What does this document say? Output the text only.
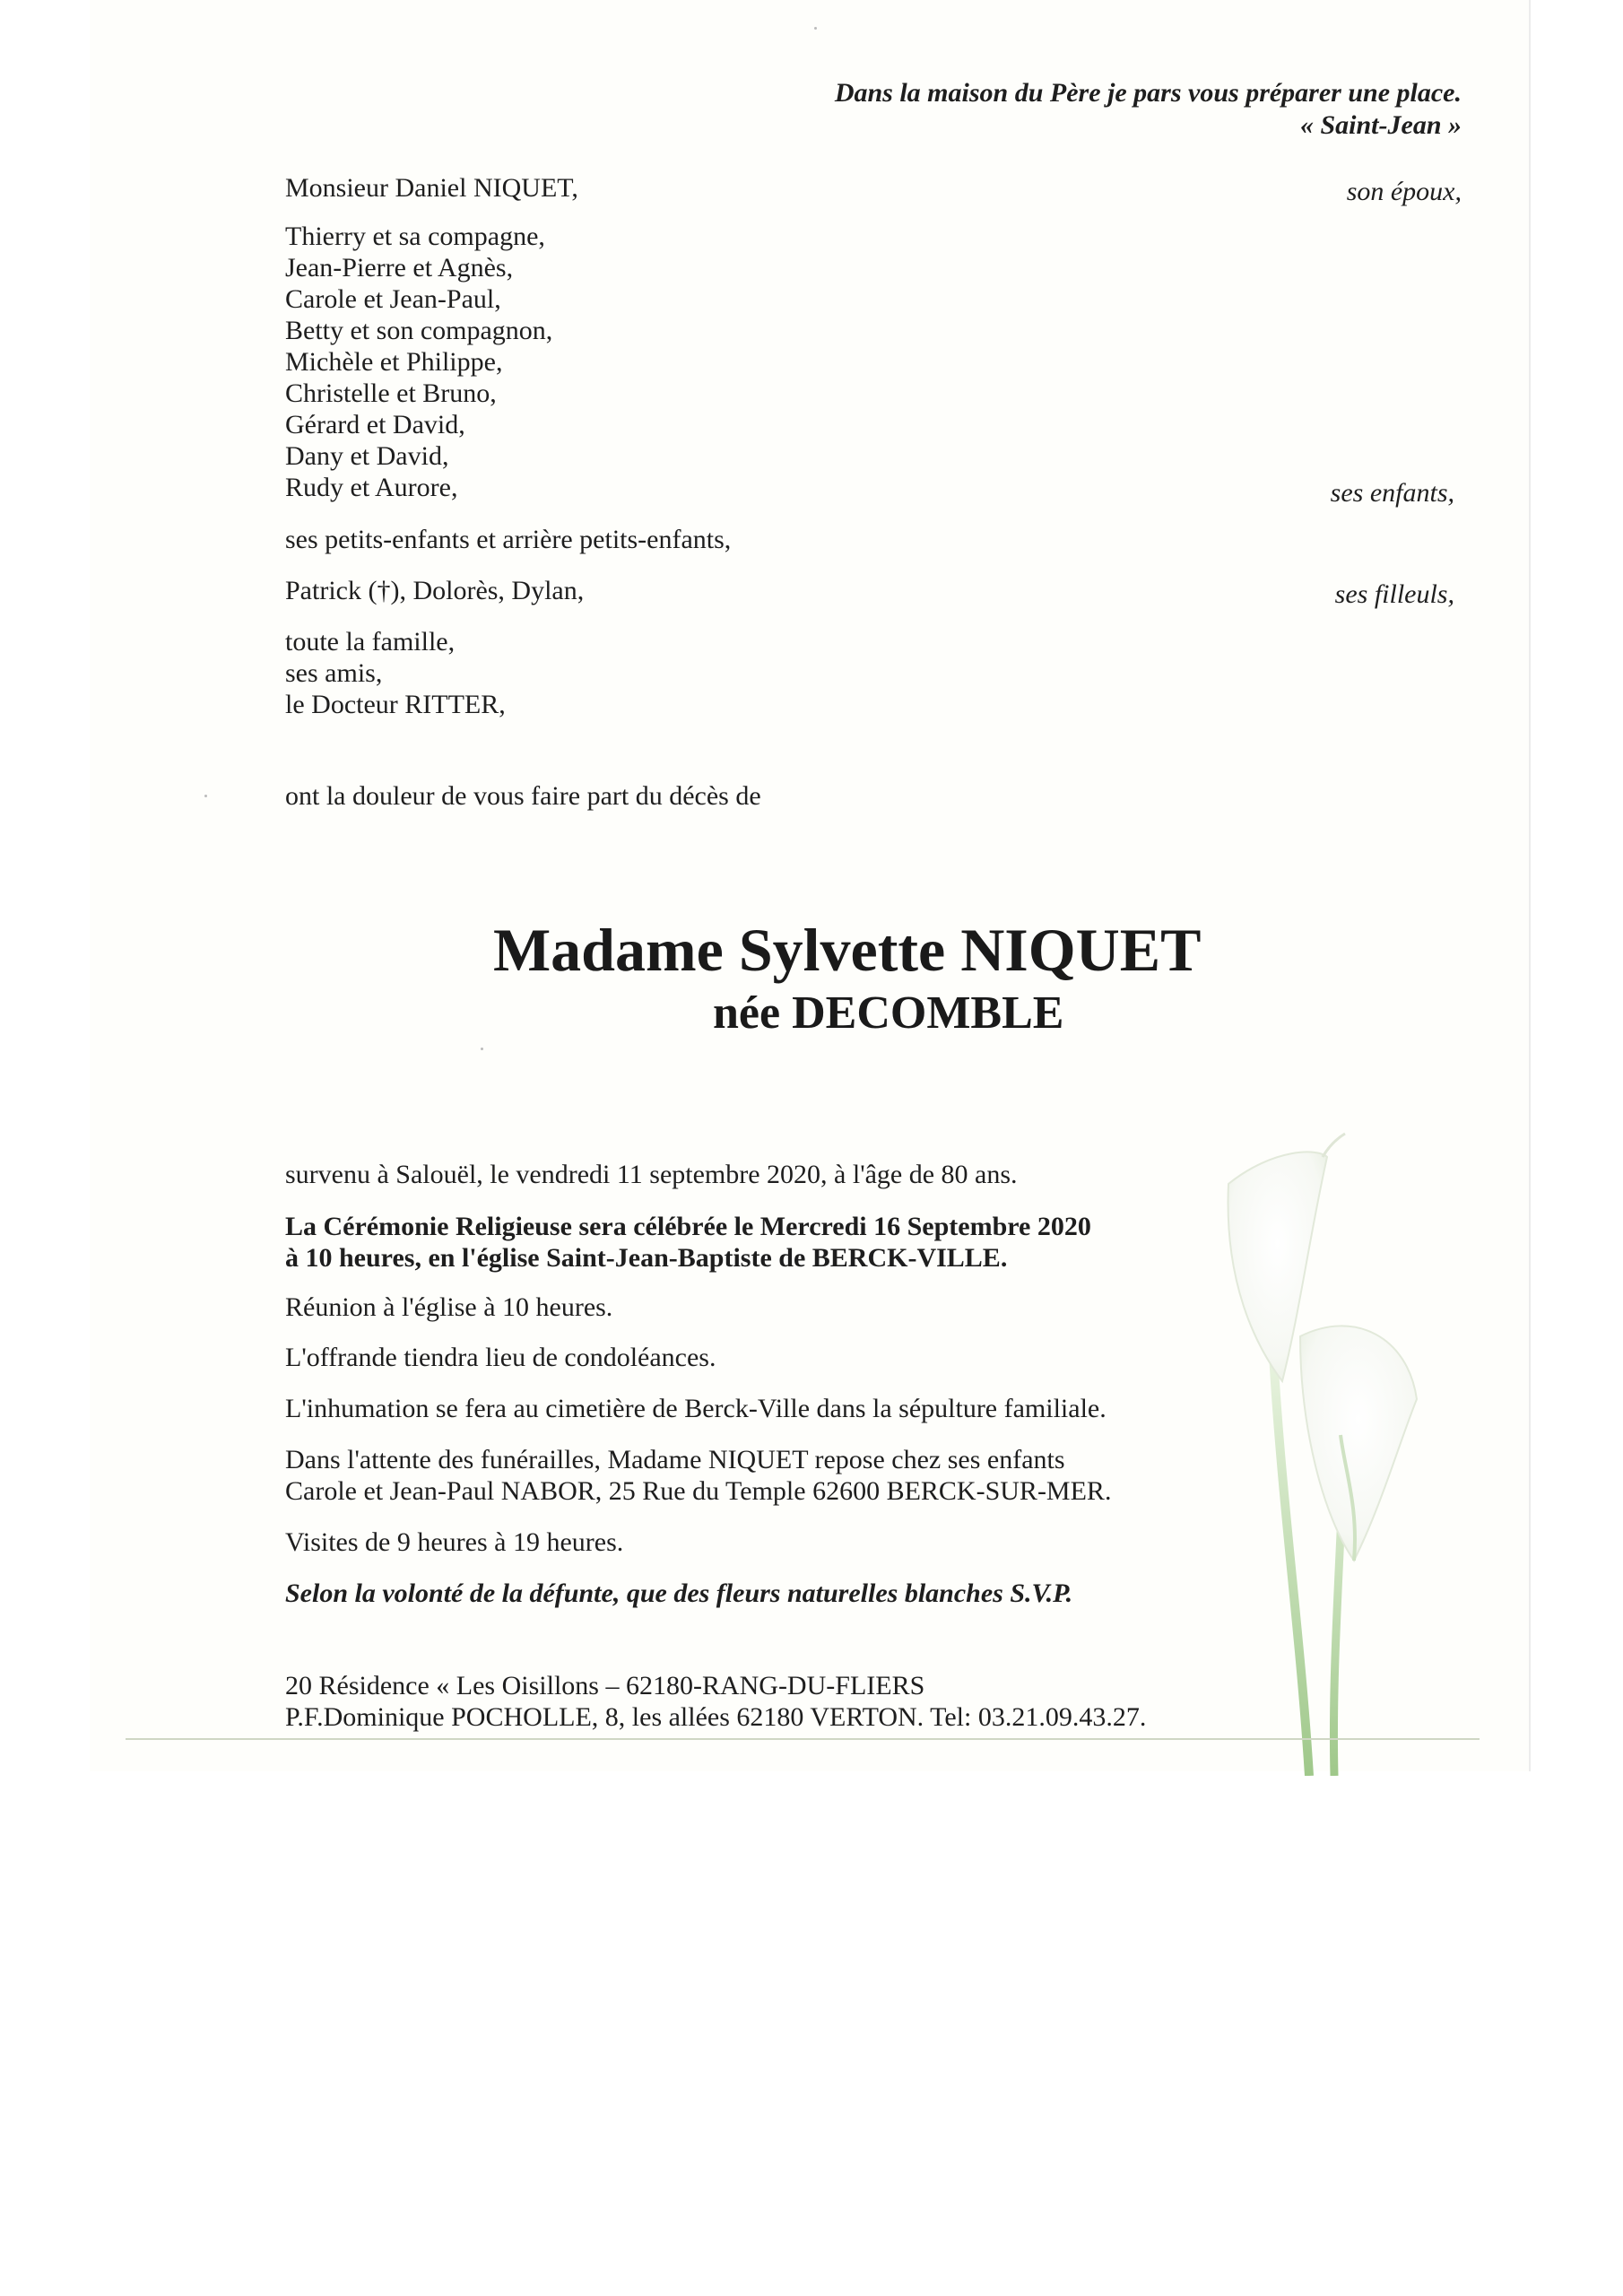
Dans la maison du Père je pars vous préparer une place.
« Saint-Jean »
Monsieur Daniel NIQUET,	son époux,
Thierry et sa compagne,
Jean-Pierre et Agnès,
Carole et Jean-Paul,
Betty et son compagnon,
Michèle et Philippe,
Christelle et Bruno,
Gérard et David,
Dany et David,
Rudy et Aurore,	ses enfants,
ses petits-enfants et arrière petits-enfants,
Patrick (†), Dolorès, Dylan,	ses filleuls,
toute la famille,
ses amis,
le Docteur RITTER,
ont la douleur de vous faire part du décès de
Madame Sylvette NIQUET
née DECOMBLE
survenu à Salouël, le vendredi 11 septembre 2020, à l'âge de 80 ans.
La Cérémonie Religieuse sera célébrée le Mercredi 16 Septembre 2020
à 10 heures, en l'église Saint-Jean-Baptiste de BERCK-VILLE.
Réunion à l'église à 10 heures.
L'offrande tiendra lieu de condoléances.
L'inhumation se fera au cimetière de Berck-Ville dans la sépulture familiale.
Dans l'attente des funérailles, Madame NIQUET repose chez ses enfants
Carole et Jean-Paul NABOR, 25 Rue du Temple 62600 BERCK-SUR-MER.
Visites de 9 heures à 19 heures.
Selon la volonté de la défunte, que des fleurs naturelles blanches S.V.P.
20 Résidence « Les Oisillons – 62180-RANG-DU-FLIERS
P.F.Dominique POCHOLLE, 8, les allées 62180 VERTON. Tel: 03.21.09.43.27.
